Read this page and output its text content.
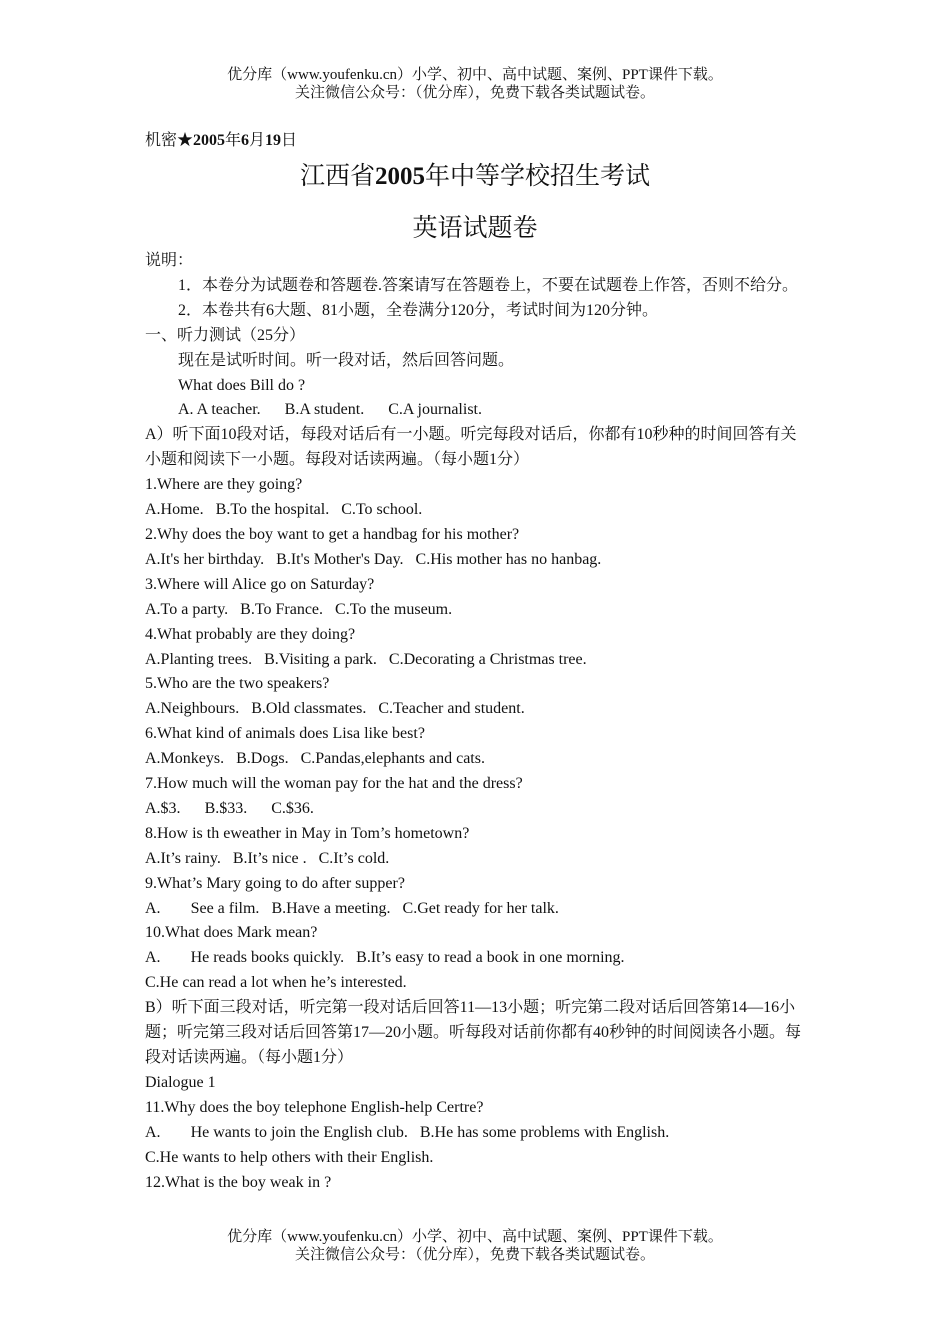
优分库（www.youfenku.cn）小学、初中、高中试题、案例、PPT课件下载。
关注微信公众号：（优分库），免费下载各类试题试卷。
机密★2005年6月19日
江西省2005年中等学校招生考试
英语试题卷

说明：

1．本卷分为试题卷和答题卷.答案请写在答题卷上，不要在试题卷上作答，否则不给分。

2．本卷共有6大题、81小题，全卷满分120分，考试时间为120分钟。

一、听力测试（25分）

现在是试听时间。听一段对话，然后回答问题。

What does Bill do ?

A. A teacher. B.A student. C.A journalist.

A）听下面10段对话，每段对话后有一小题。听完每段对话后，你都有10秒种的时间回答有关小题和阅读下一小题。每段对话读两遍。（每小题1分）

1.Where are they going?

A.Home. B.To the hospital. C.To school.

2.Why does the boy want to get a handbag for his mother?

A.It's her birthday. B.It's Mother's Day. C.His mother has no hanbag.

3.Where will Alice go on Saturday?

A.To a party. B.To France. C.To the museum.

4.What probably are they doing?

A.Planting trees. B.Visiting a park. C.Decorating a Christmas tree.

5.Who are the two speakers?

A.Neighbours. B.Old classmates. C.Teacher and student.

6.What kind of animals does Lisa like best?

A.Monkeys. B.Dogs. C.Pandas,elephants and cats.

7.How much will the woman pay for the hat and the dress?

A.$3. B.$33. C.$36.

8.How is th eweather in May in Tom’s hometown?

A.It’s rainy. B.It’s nice . C.It’s cold.

9.What’s Mary going to do after supper?

A. See a film. B.Have a meeting. C.Get ready for her talk.

10.What does Mark mean?

A. He reads books quickly. B.It’s easy to read a book in one morning.

C.He can read a lot when he’s interested.

B）听下面三段对话，听完第一段对话后回答11—13小题；听完第二段对话后回答第14—16小题；听完第三段对话后回答第17—20小题。听每段对话前你都有40秒钟的时间阅读各小题。每段对话读两遍。（每小题1分）

Dialogue 1

11.Why does the boy telephone English-help Certre?

A. He wants to join the English club. B.He has some problems with English.

C.He wants to help others with their English.

12.What is the boy weak in ?

优分库（www.youfenku.cn）小学、初中、高中试题、案例、PPT课件下载。
关注微信公众号：（优分库），免费下载各类试题试卷。
